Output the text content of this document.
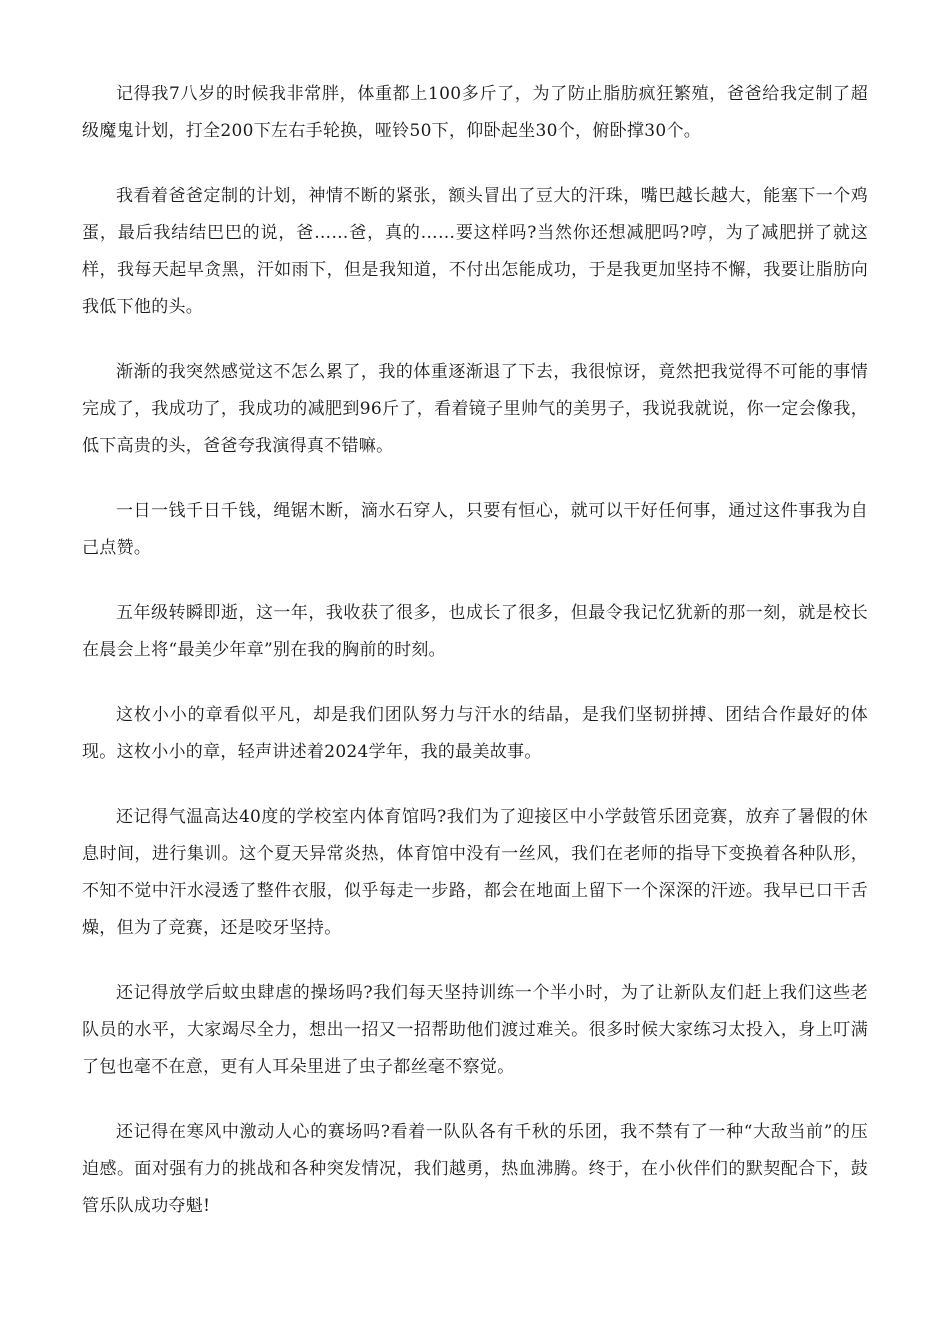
记得我7八岁的时候我非常胖，体重都上100多斤了，为了防止脂肪疯狂繁殖，爸爸给我定制了超级魔鬼计划，打全200下左右手轮换，哑铃50下，仰卧起坐30个，俯卧撑30个。

我看着爸爸定制的计划，神情不断的紧张，额头冒出了豆大的汗珠，嘴巴越长越大，能塞下一个鸡蛋，最后我结结巴巴的说，爸……爸，真的……要这样吗?当然你还想减肥吗?哼，为了减肥拼了就这样，我每天起早贪黑，汗如雨下，但是我知道，不付出怎能成功，于是我更加坚持不懈，我要让脂肪向我低下他的头。

渐渐的我突然感觉这不怎么累了，我的体重逐渐退了下去，我很惊讶，竟然把我觉得不可能的事情完成了，我成功了，我成功的减肥到96斤了，看着镜子里帅气的美男子，我说我就说，你一定会像我，低下高贵的头，爸爸夸我演得真不错嘛。

一日一钱千日千钱，绳锯木断，滴水石穿人，只要有恒心，就可以干好任何事，通过这件事我为自己点赞。

五年级转瞬即逝，这一年，我收获了很多，也成长了很多，但最令我记忆犹新的那一刻，就是校长在晨会上将“最美少年章”别在我的胸前的时刻。

这枚小小的章看似平凡，却是我们团队努力与汗水的结晶，是我们坚韧拼搏、团结合作最好的体现。这枚小小的章，轻声讲述着2024学年，我的最美故事。

还记得气温高达40度的学校室内体育馆吗?我们为了迎接区中小学鼓管乐团竞赛，放弃了暑假的休息时间，进行集训。这个夏天异常炎热，体育馆中没有一丝风，我们在老师的指导下变换着各种队形，不知不觉中汗水浸透了整件衣服，似乎每走一步路，都会在地面上留下一个深深的汗迹。我早已口干舌燥，但为了竞赛，还是咬牙坚持。

还记得放学后蚊虫肆虐的操场吗?我们每天坚持训练一个半小时，为了让新队友们赶上我们这些老队员的水平，大家竭尽全力，想出一招又一招帮助他们渡过难关。很多时候大家练习太投入，身上叮满了包也毫不在意，更有人耳朵里进了虫子都丝毫不察觉。

还记得在寒风中激动人心的赛场吗?看着一队队各有千秋的乐团，我不禁有了一种“大敌当前”的压迫感。面对强有力的挑战和各种突发情况，我们越勇，热血沸腾。终于，在小伙伴们的默契配合下，鼓管乐队成功夺魁!
